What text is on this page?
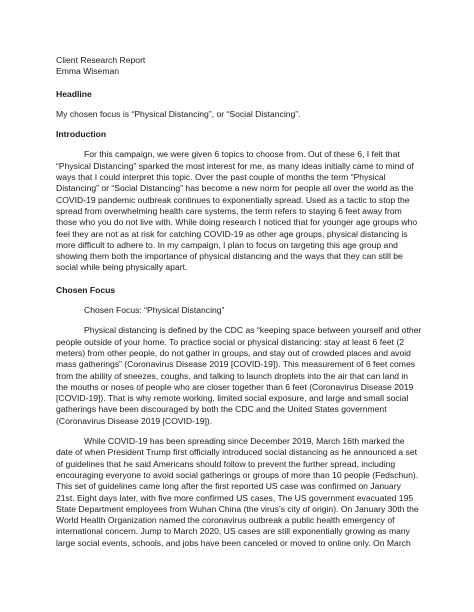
Client Research Report
Emma Wiseman
Headline
My chosen focus is “Physical Distancing”, or “Social Distancing”.
Introduction
For this campaign, we were given 6 topics to choose from. Out of these 6, I felt that
“Physical Distancing” sparked the most interest for me, as many ideas initially came to mind of
ways that I could interpret this topic. Over the past couple of months the term “Physical
Distancing” or “Social Distancing” has become a new norm for people all over the world as the
COVID-19 pandemic outbreak continues to exponentially spread. Used as a tactic to stop the
spread from overwhelming health care systems, the term refers to staying 6 feet away from
those who you do not live with. While doing research I noticed that for younger age groups who
feel they are not as at risk for catching COVID-19 as other age groups, physical distancing is
more difficult to adhere to. In my campaign, I plan to focus on targeting this age group and
showing them both the importance of physical distancing and the ways that they can still be
social while being physically apart.
Chosen Focus
Chosen Focus: “Physical Distancing”
Physical distancing is defined by the CDC as “keeping space between yourself and other
people outside of your home. To practice social or physical distancing: stay at least 6 feet (2
meters) from other people, do not gather in groups, and stay out of crowded places and avoid
mass gatherings” (Coronavirus Disease 2019 [COVID-19]). This measurement of 6 feet comes
from the ability of sneezes, coughs, and talking to launch droplets into the air that can land in
the mouths or noses of people who are closer together than 6 feet (Coronavirus Disease 2019
[COVID-19]). That is why remote working, limited social exposure, and large and small social
gatherings have been discouraged by both the CDC and the United States government
(Coronavirus Disease 2019 [COVID-19]).
While COVID-19 has been spreading since December 2019, March 16th marked the
date of when President Trump first officially introduced social distancing as he announced a set
of guidelines that he said Americans should follow to prevent the further spread, including
encouraging everyone to avoid social gatherings or groups of more than 10 people (Fedschun).
This set of guidelines came long after the first reported US case was confirmed on January
21st. Eight days later, with five more confirmed US cases, The US government evacuated 195
State Department employees from Wuhan China (the virus’s city of origin). On January 30th the
World Health Organization named the coronavirus outbreak a public health emergency of
international concern. Jump to March 2020, US cases are still exponentially growing as many
large social events, schools, and jobs have been canceled or moved to online only. On March
